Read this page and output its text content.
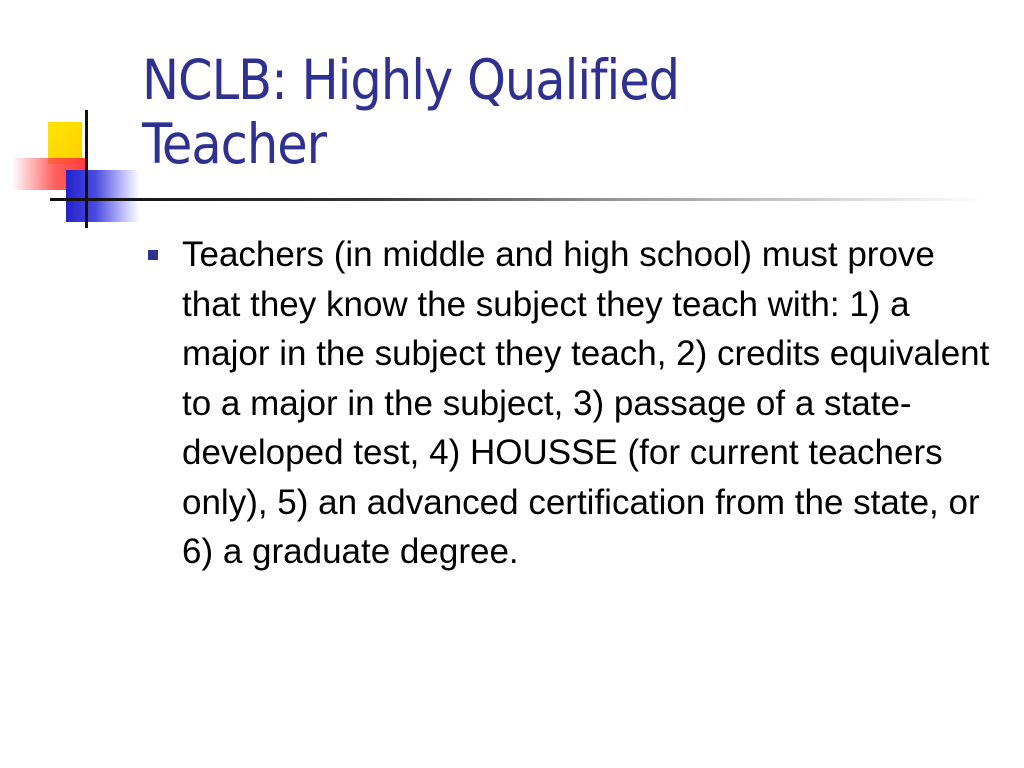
NCLB: Highly Qualified
Teacher
Teachers (in middle and high school) must prove that they know the subject they teach with: 1) a major in the subject they teach, 2) credits equivalent to a major in the subject, 3) passage of a state-developed test, 4) HOUSSE (for current teachers only), 5) an advanced certification from the state, or 6) a graduate degree.
